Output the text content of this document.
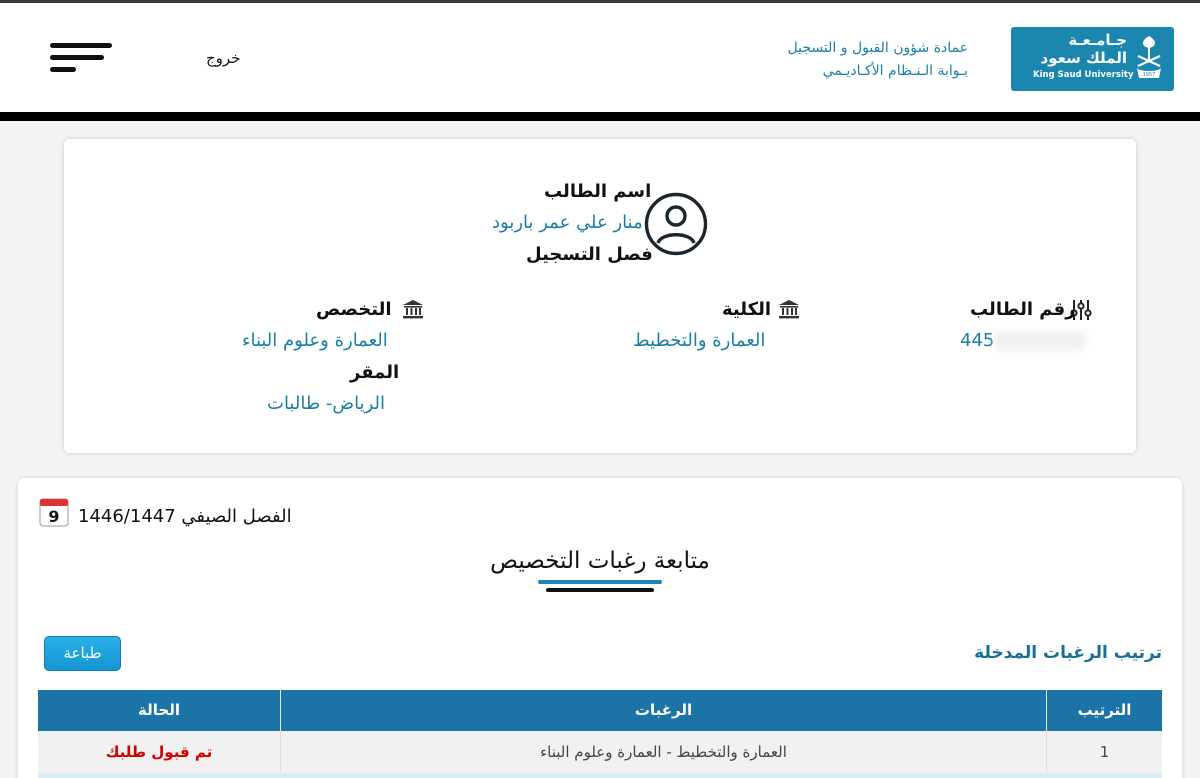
خروج
عمادة شؤون القبول و التسجيل
بـوابة الـنـظام الأكـاديـمي
جـامـعـة
الملك سعود
King Saud University 1957
اسم الطالب
منار علي عمر باربود
فصل التسجيل
رقم الطالب
445
الكلية
العمارة والتخطيط
التخصص
العمارة وعلوم البناء
المقر
الرياض- طالبات
9 الفصل الصيفي 1446/1447
متابعة رغبات التخصيص
طباعة	ترتيب الرغبات المدخلة
الترتيب
الرغبات
الحالة
1
العمارة والتخطيط - العمارة وعلوم البناء
تم قبول طلبك
